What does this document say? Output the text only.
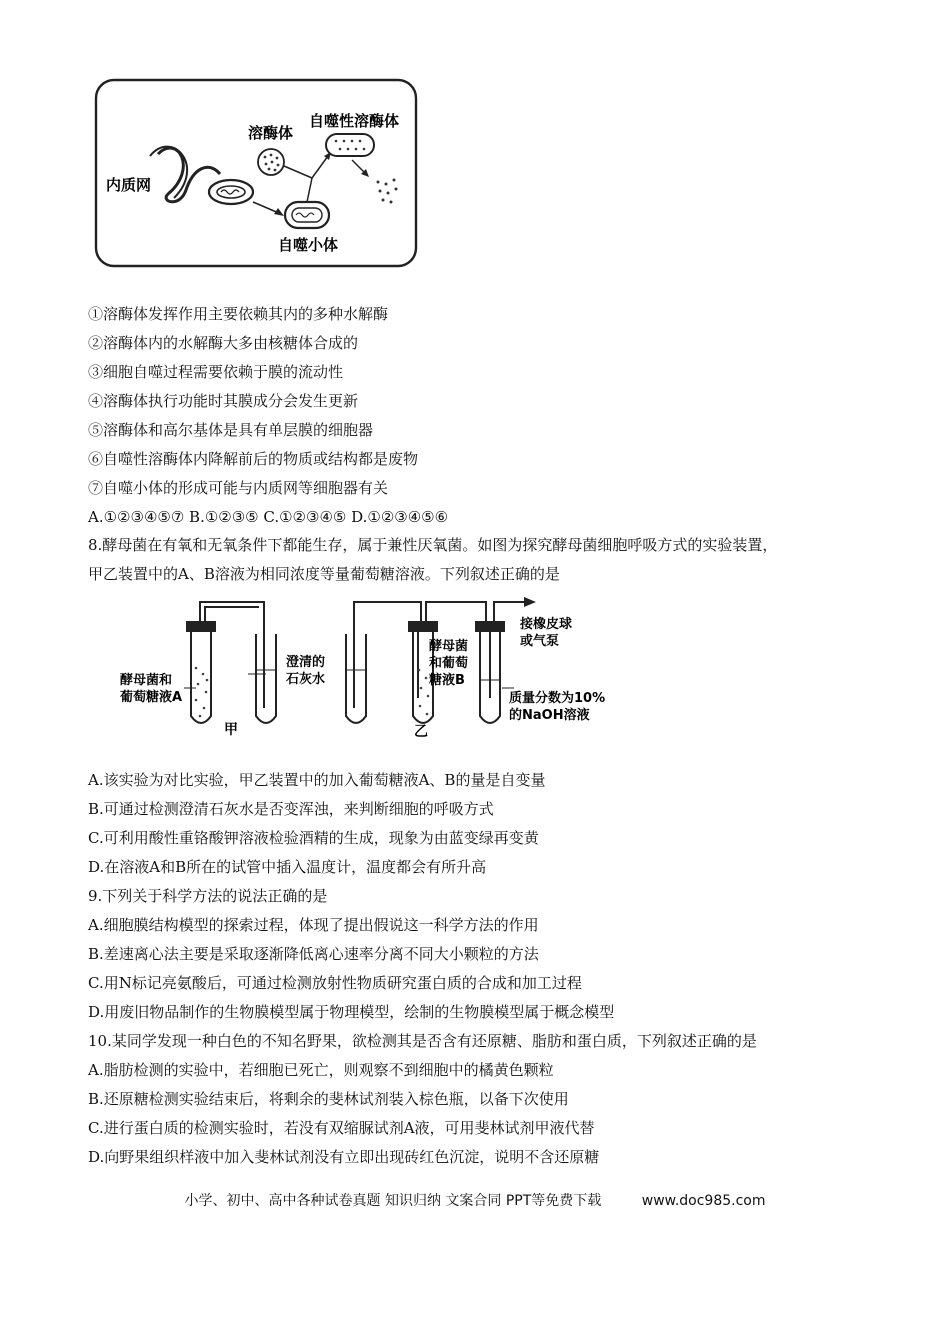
内质网
溶酶体
自噬性溶酶体
自噬小体
①溶酶体发挥作用主要依赖其内的多种水解酶
②溶酶体内的水解酶大多由核糖体合成的
③细胞自噬过程需要依赖于膜的流动性
④溶酶体执行功能时其膜成分会发生更新
⑤溶酶体和高尔基体是具有单层膜的细胞器
⑥自噬性溶酶体内降解前后的物质或结构都是废物
⑦自噬小体的形成可能与内质网等细胞器有关
A.①②③④⑤⑦ B.①②③⑤ C.①②③④⑤ D.①②③④⑤⑥
8.酵母菌在有氧和无氧条件下都能生存，属于兼性厌氧菌。如图为探究酵母菌细胞呼吸方式的实验装置，
甲乙装置中的A、B溶液为相同浓度等量葡萄糖溶液。下列叙述正确的是
酵母菌和
葡萄糖液A
澄清的
石灰水
甲	乙
接橡皮球
或气泵
酵母菌
和葡萄
糖液B
质量分数为10%
的NaOH溶液
A.该实验为对比实验，甲乙装置中的加入葡萄糖液A、B的量是自变量
B.可通过检测澄清石灰水是否变浑浊，来判断细胞的呼吸方式
C.可利用酸性重铬酸钾溶液检验酒精的生成，现象为由蓝变绿再变黄
D.在溶液A和B所在的试管中插入温度计，温度都会有所升高
9.下列关于科学方法的说法正确的是
A.细胞膜结构模型的探索过程，体现了提出假说这一科学方法的作用
B.差速离心法主要是采取逐渐降低离心速率分离不同大小颗粒的方法
C.用N标记亮氨酸后，可通过检测放射性物质研究蛋白质的合成和加工过程
D.用废旧物品制作的生物膜模型属于物理模型，绘制的生物膜模型属于概念模型
10.某同学发现一种白色的不知名野果，欲检测其是否含有还原糖、脂肪和蛋白质，下列叙述正确的是
A.脂肪检测的实验中，若细胞已死亡，则观察不到细胞中的橘黄色颗粒
B.还原糖检测实验结束后，将剩余的斐林试剂装入棕色瓶，以备下次使用
C.进行蛋白质的检测实验时，若没有双缩脲试剂A液，可用斐林试剂甲液代替
D.向野果组织样液中加入斐林试剂没有立即出现砖红色沉淀，说明不含还原糖
小学、初中、高中各种试卷真题 知识归纳 文案合同 PPT等免费下载	www.doc985.com
